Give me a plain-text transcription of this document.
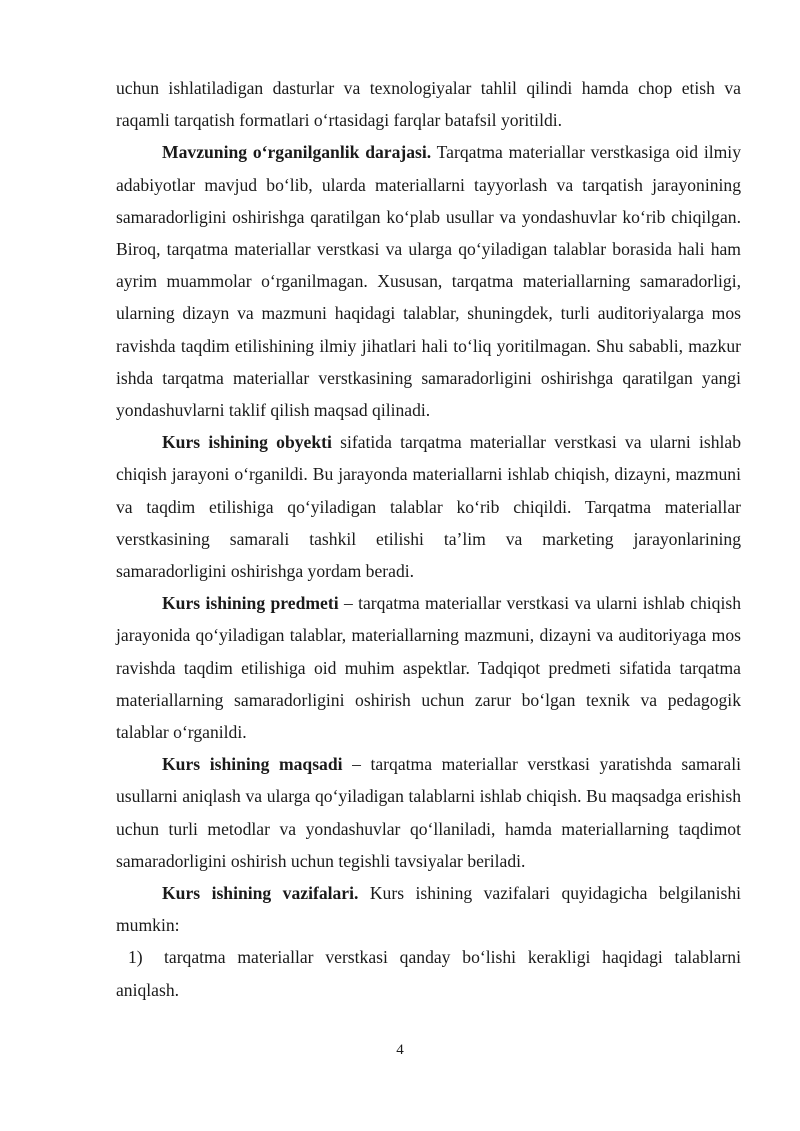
uchun ishlatiladigan dasturlar va texnologiyalar tahlil qilindi hamda chop etish va raqamli tarqatish formatlari o‘rtasidagi farqlar batafsil yoritildi.

Mavzuning o‘rganilganlik darajasi. Tarqatma materiallar verstkasiga oid ilmiy adabiyotlar mavjud bo‘lib, ularda materiallarni tayyorlash va tarqatish jarayonining samaradorligini oshirishga qaratilgan ko‘plab usullar va yondashuvlar ko‘rib chiqilgan. Biroq, tarqatma materiallar verstkasi va ularga qo‘yiladigan talablar borasida hali ham ayrim muammolar o‘rganilmagan. Xususan, tarqatma materiallarning samaradorligi, ularning dizayn va mazmuni haqidagi talablar, shuningdek, turli auditoriyalarga mos ravishda taqdim etilishining ilmiy jihatlari hali to‘liq yoritilmagan. Shu sababli, mazkur ishda tarqatma materiallar verstkasining samaradorligini oshirishga qaratilgan yangi yondashuvlarni taklif qilish maqsad qilinadi.

Kurs ishining obyekti sifatida tarqatma materiallar verstkasi va ularni ishlab chiqish jarayoni o‘rganildi. Bu jarayonda materiallarni ishlab chiqish, dizayni, mazmuni va taqdim etilishiga qo‘yiladigan talablar ko‘rib chiqildi. Tarqatma materiallar verstkasining samarali tashkil etilishi ta’lim va marketing jarayonlarining samaradorligini oshirishga yordam beradi.

Kurs ishining predmeti – tarqatma materiallar verstkasi va ularni ishlab chiqish jarayonida qo‘yiladigan talablar, materiallarning mazmuni, dizayni va auditoriyaga mos ravishda taqdim etilishiga oid muhim aspektlar. Tadqiqot predmeti sifatida tarqatma materiallarning samaradorligini oshirish uchun zarur bo‘lgan texnik va pedagogik talablar o‘rganildi.

Kurs ishining maqsadi – tarqatma materiallar verstkasi yaratishda samarali usullarni aniqlash va ularga qo‘yiladigan talablarni ishlab chiqish. Bu maqsadga erishish uchun turli metodlar va yondashuvlar qo‘llaniladi, hamda materiallarning taqdimot samaradorligini oshirish uchun tegishli tavsiyalar beriladi.

Kurs ishining vazifalari. Kurs ishining vazifalari quyidagicha belgilanishi mumkin:

1) tarqatma materiallar verstkasi qanday bo‘lishi kerakligi haqidagi talablarni aniqlash.

4
